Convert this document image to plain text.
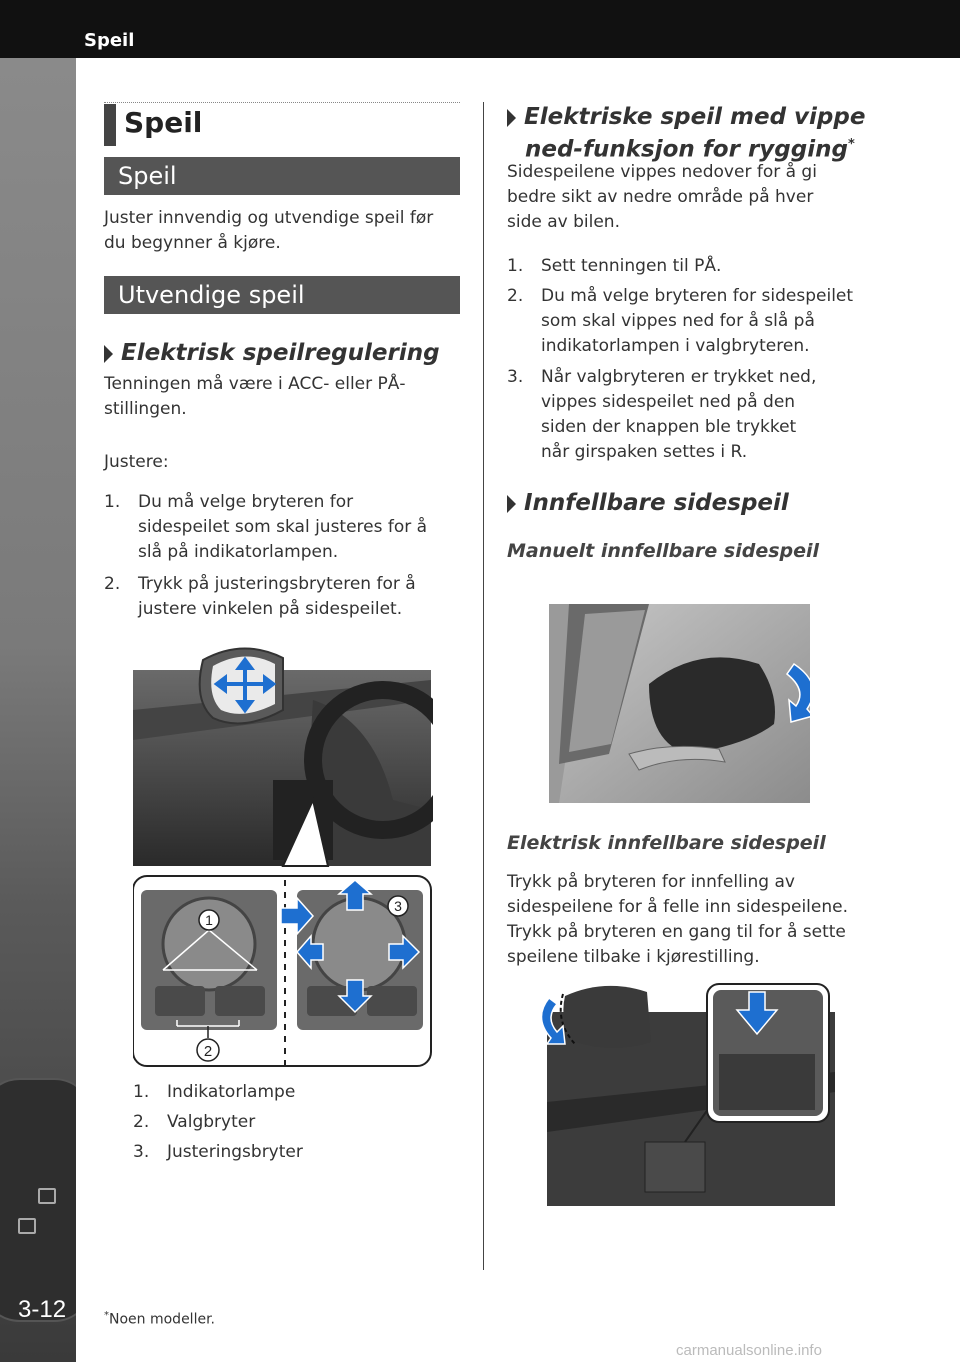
Speil
3-12
Speil
Speil
Juster innvendig og utvendige speil før
du begynner å kjøre.
Utvendige speil
Elektrisk speilregulering
Tenningen må være i ACC- eller PÅ-
stillingen.
Justere:
1. Du må velge bryteren for
sidespeilet som skal justeres for å
slå på indikatorlampen.
2. Trykk på justeringsbryteren for å
justere vinkelen på sidespeilet.
1
2
3
1. Indikatorlampe
2. Valgbryter
3. Justeringsbryter
Elektriske speil med vippe
ned-funksjon for rygging*
Sidespeilene vippes nedover for å gi
bedre sikt av nedre område på hver
side av bilen.
1. Sett tenningen til PÅ.
2. Du må velge bryteren for sidespeilet
som skal vippes ned for å slå på
indikatorlampen i valgbryteren.
3. Når valgbryteren er trykket ned,
vippes sidespeilet ned på den
siden der knappen ble trykket
når girspaken settes i R.
Innfellbare sidespeil
Manuelt innfellbare sidespeil
Elektrisk innfellbare sidespeil
Trykk på bryteren for innfelling av
sidespeilene for å felle inn sidespeilene.
Trykk på bryteren en gang til for å sette
speilene tilbake i kjørestilling.
*Noen modeller.
carmanualsonline.info
